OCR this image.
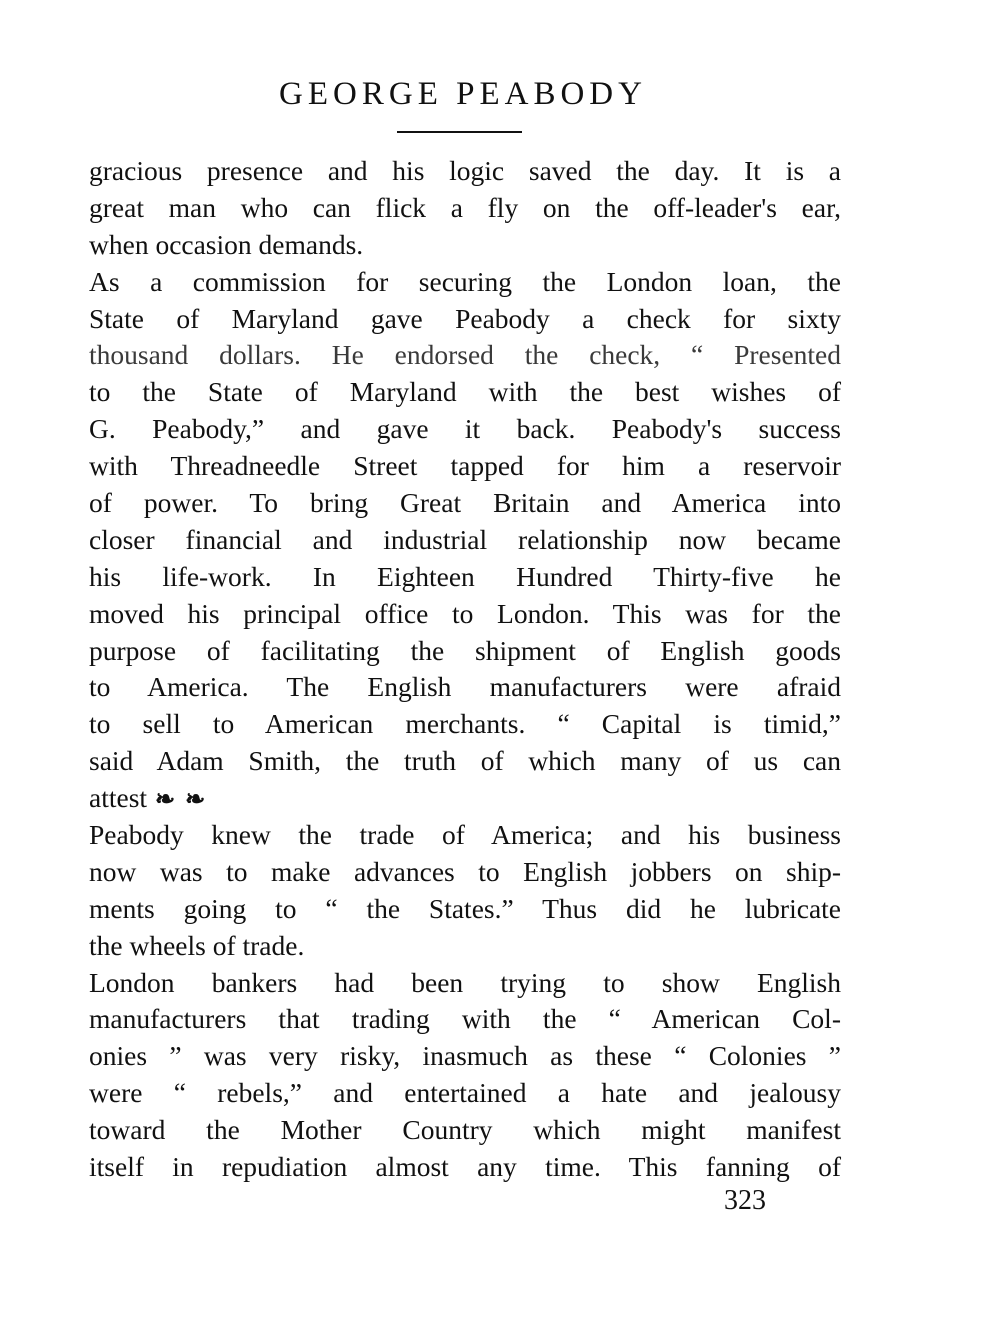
GEORGE PEABODY
gracious presence and his logic saved the day. It is a
great man who can flick a fly on the off-leader's ear,
when occasion demands.
As a commission for securing the London loan, the
State of Maryland gave Peabody a check for sixty
thousand dollars. He endorsed the check, “ Presented
to the State of Maryland with the best wishes of
G. Peabody,” and gave it back. Peabody's success
with Threadneedle Street tapped for him a reservoir
of power. To bring Great Britain and America into
closer financial and industrial relationship now became
his life-work. In Eighteen Hundred Thirty-five he
moved his principal office to London. This was for the
purpose of facilitating the shipment of English goods
to America. The English manufacturers were afraid
to sell to American merchants. “ Capital is timid,”
said Adam Smith, the truth of which many of us can
attest ❧ ❧
Peabody knew the trade of America; and his business
now was to make advances to English jobbers on ship-
ments going to “ the States.” Thus did he lubricate
the wheels of trade.
London bankers had been trying to show English
manufacturers that trading with the “ American Col-
onies ” was very risky, inasmuch as these “ Colonies ”
were “ rebels,” and entertained a hate and jealousy
toward the Mother Country which might manifest
itself in repudiation almost any time. This fanning of
323
